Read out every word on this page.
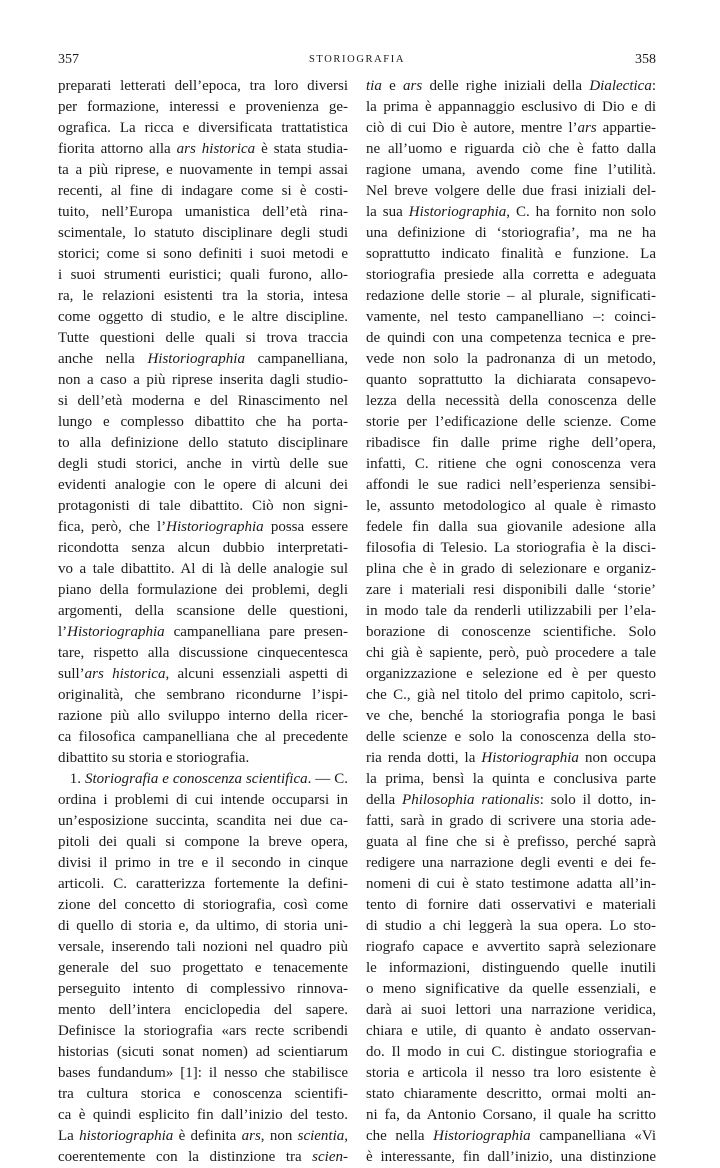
357	STORIOGRAFIA	358
preparati letterati dell’epoca, tra loro diversi
per formazione, interessi e provenienza ge-
ografica. La ricca e diversificata trattatistica
fiorita attorno alla ars historica è stata studia-
ta a più riprese, e nuovamente in tempi assai
recenti, al fine di indagare come si è costi-
tuito, nell’Europa umanistica dell’età rina-
scimentale, lo statuto disciplinare degli studi
storici; come si sono definiti i suoi metodi e
i suoi strumenti euristici; quali furono, allo-
ra, le relazioni esistenti tra la storia, intesa
come oggetto di studio, e le altre discipline.
Tutte questioni delle quali si trova traccia
anche nella Historiographia campanelliana,
non a caso a più riprese inserita dagli studio-
si dell’età moderna e del Rinascimento nel
lungo e complesso dibattito che ha porta-
to alla definizione dello statuto disciplinare
degli studi storici, anche in virtù delle sue
evidenti analogie con le opere di alcuni dei
protagonisti di tale dibattito. Ciò non signi-
fica, però, che l’Historiographia possa essere
ricondotta senza alcun dubbio interpretati-
vo a tale dibattito. Al di là delle analogie sul
piano della formulazione dei problemi, degli
argomenti, della scansione delle questioni,
l’Historiographia campanelliana pare presen-
tare, rispetto alla discussione cinquecentesca
sull’ars historica, alcuni essenziali aspetti di
originalità, che sembrano ricondurne l’ispi-
razione più allo sviluppo interno della ricer-
ca filosofica campanelliana che al precedente
dibattito su storia e storiografia.
1. Storiografia e conoscenza scientifica. — C.
ordina i problemi di cui intende occuparsi in
un’esposizione succinta, scandita nei due ca-
pitoli dei quali si compone la breve opera,
divisi il primo in tre e il secondo in cinque
articoli. C. caratterizza fortemente la defini-
zione del concetto di storiografia, così come
di quello di storia e, da ultimo, di storia uni-
versale, inserendo tali nozioni nel quadro più
generale del suo progettato e tenacemente
perseguito intento di complessivo rinnova-
mento dell’intera enciclopedia del sapere.
Definisce la storiografia «ars recte scribendi
historias (sicuti sonat nomen) ad scientiarum
bases fundandum» [1]: il nesso che stabilisce
tra cultura storica e conoscenza scientifi-
ca è quindi esplicito fin dall’inizio del testo.
La historiographia è definita ars, non scientia,
coerentemente con la distinzione tra scien-
tia e ars delle righe iniziali della Dialectica:
la prima è appannaggio esclusivo di Dio e di
ciò di cui Dio è autore, mentre l’ars appartie-
ne all’uomo e riguarda ciò che è fatto dalla
ragione umana, avendo come fine l’utilità.
Nel breve volgere delle due frasi iniziali del-
la sua Historiographia, C. ha fornito non solo
una definizione di ‘storiografia’, ma ne ha
soprattutto indicato finalità e funzione. La
storiografia presiede alla corretta e adeguata
redazione delle storie – al plurale, significati-
vamente, nel testo campanelliano –: coinci-
de quindi con una competenza tecnica e pre-
vede non solo la padronanza di un metodo,
quanto soprattutto la dichiarata consapevo-
lezza della necessità della conoscenza delle
storie per l’edificazione delle scienze. Come
ribadisce fin dalle prime righe dell’opera,
infatti, C. ritiene che ogni conoscenza vera
affondi le sue radici nell’esperienza sensibi-
le, assunto metodologico al quale è rimasto
fedele fin dalla sua giovanile adesione alla
filosofia di Telesio. La storiografia è la disci-
plina che è in grado di selezionare e organiz-
zare i materiali resi disponibili dalle ‘storie’
in modo tale da renderli utilizzabili per l’ela-
borazione di conoscenze scientifiche. Solo
chi già è sapiente, però, può procedere a tale
organizzazione e selezione ed è per questo
che C., già nel titolo del primo capitolo, scri-
ve che, benché la storiografia ponga le basi
delle scienze e solo la conoscenza della sto-
ria renda dotti, la Historiographia non occupa
la prima, bensì la quinta e conclusiva parte
della Philosophia rationalis: solo il dotto, in-
fatti, sarà in grado di scrivere una storia ade-
guata al fine che si è prefisso, perché saprà
redigere una narrazione degli eventi e dei fe-
nomeni di cui è stato testimone adatta all’in-
tento di fornire dati osservativi e materiali
di studio a chi leggerà la sua opera. Lo sto-
riografo capace e avvertito saprà selezionare
le informazioni, distinguendo quelle inutili
o meno significative da quelle essenziali, e
darà ai suoi lettori una narrazione veridica,
chiara e utile, di quanto è andato osservan-
do. Il modo in cui C. distingue storiografia e
storia e articola il nesso tra loro esistente è
stato chiaramente descritto, ormai molti an-
ni fa, da Antonio Corsano, il quale ha scritto
che nella Historiographia campanelliana «Vi
è interessante, fin dall’inizio, una distinzione
